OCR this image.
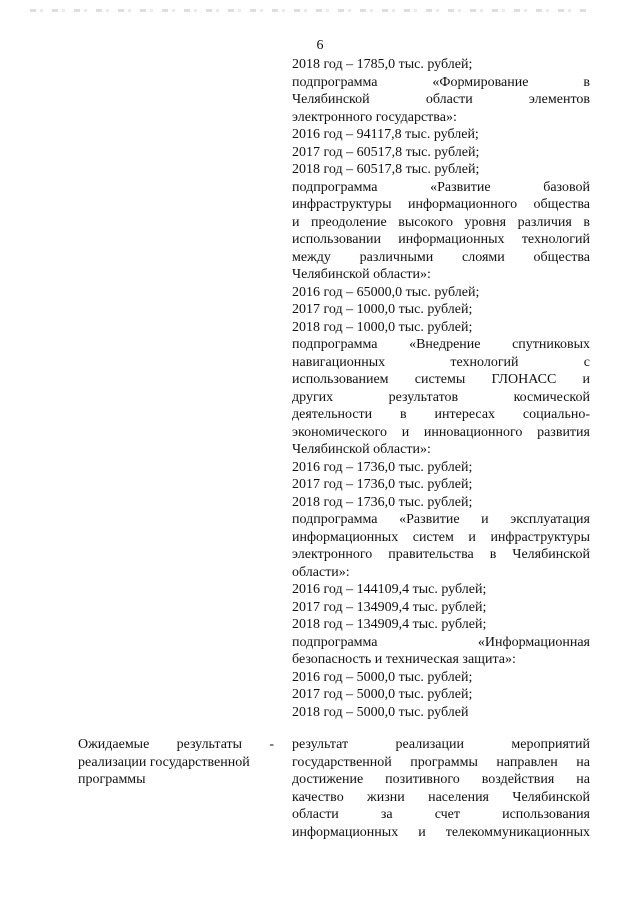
6
2018 год – 1785,0 тыс. рублей;
подпрограмма «Формирование в
Челябинской области элементов
электронного государства»:
2016 год – 94117,8 тыс. рублей;
2017 год – 60517,8 тыс. рублей;
2018 год – 60517,8 тыс. рублей;
подпрограмма «Развитие базовой
инфраструктуры информационного общества
и преодоление высокого уровня различия в
использовании информационных технологий
между различными слоями общества
Челябинской области»:
2016 год – 65000,0 тыс. рублей;
2017 год – 1000,0 тыс. рублей;
2018 год – 1000,0 тыс. рублей;
подпрограмма «Внедрение спутниковых
навигационных технологий с
использованием системы ГЛОНАСС и
других результатов космической
деятельности в интересах социально-
экономического и инновационного развития
Челябинской области»:
2016 год – 1736,0 тыс. рублей;
2017 год – 1736,0 тыс. рублей;
2018 год – 1736,0 тыс. рублей;
подпрограмма «Развитие и эксплуатация
информационных систем и инфраструктуры
электронного правительства в Челябинской
области»:
2016 год – 144109,4 тыс. рублей;
2017 год – 134909,4 тыс. рублей;
2018 год – 134909,4 тыс. рублей;
подпрограмма «Информационная
безопасность и техническая защита»:
2016 год – 5000,0 тыс. рублей;
2017 год – 5000,0 тыс. рублей;
2018 год – 5000,0 тыс. рублей
Ожидаемые результаты -
реализации государственной
программы
результат реализации мероприятий
государственной программы направлен на
достижение позитивного воздействия на
качество жизни населения Челябинской
области за счет использования
информационных и телекоммуникационных
